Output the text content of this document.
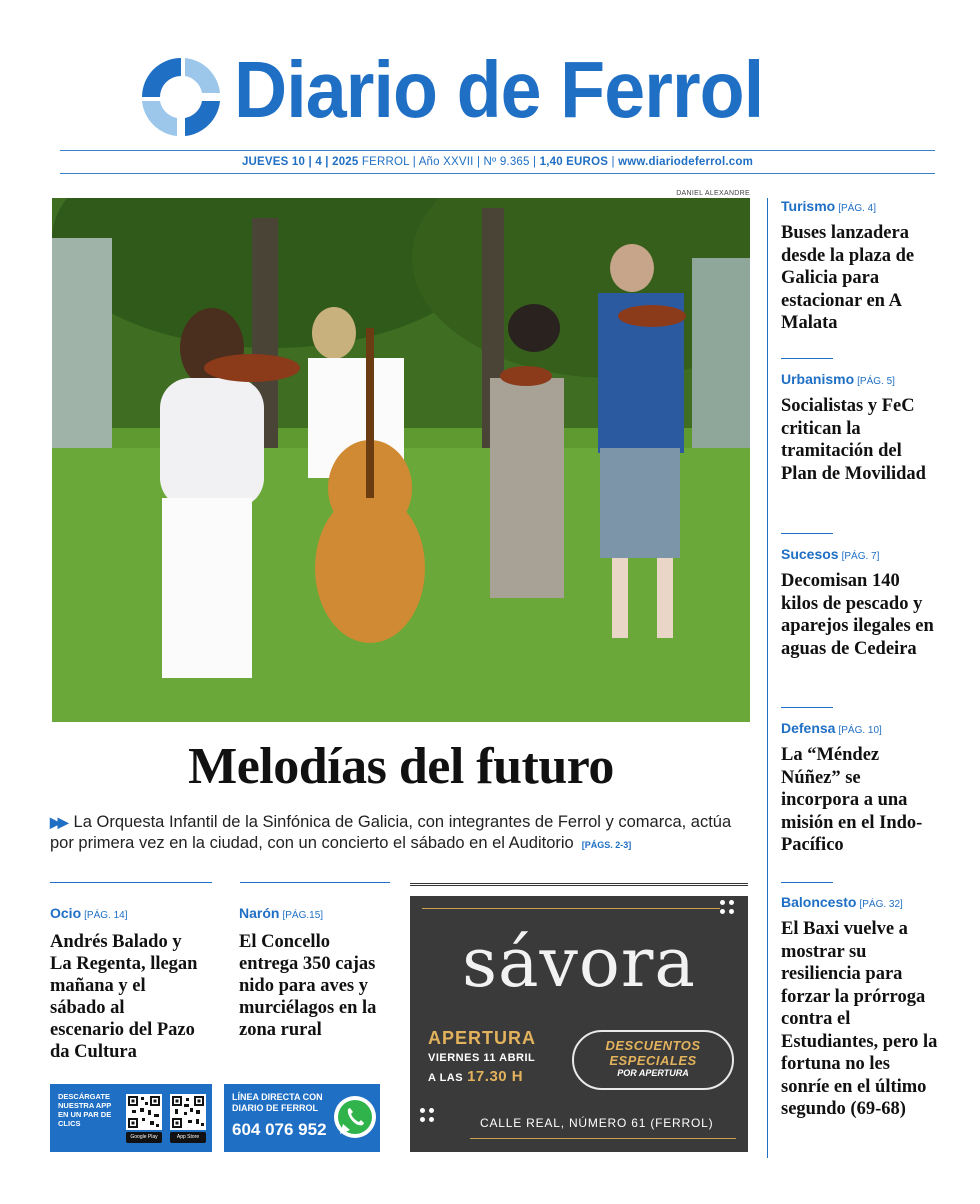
Diario de Ferrol
JUEVES 10 | 4 | 2025 FERROL | Año XXVII | Nº 9.365 | 1,40 EUROS | www.diariodeferrol.com
DANIEL ALEXANDRE
Melodías del futuro
▶▶ La Orquesta Infantil de la Sinfónica de Galicia, con integrantes de Ferrol y comarca, actúa por primera vez en la ciudad, con un concierto el sábado en el Auditorio [PÁGS. 2-3]
Turismo [PÁG. 4]
Buses lanzadera desde la plaza de Galicia para estacionar en A Malata
Urbanismo [PÁG. 5]
Socialistas y FeC critican la tramitación del Plan de Movilidad
Sucesos [PÁG. 7]
Decomisan 140 kilos de pescado y aparejos ilegales en aguas de Cedeira
Defensa [PÁG. 10]
La “Méndez Núñez” se incorpora a una misión en el Indo-Pacífico
Baloncesto [PÁG. 32]
El Baxi vuelve a mostrar su resiliencia para forzar la prórroga contra el Estudiantes, pero la fortuna no les sonríe en el último segundo (69-68)
Ocio [PÁG. 14]
Andrés Balado y La Regenta, llegan mañana y el sábado al escenario del Pazo da Cultura
Narón [PÁG.15]
El Concello entrega 350 cajas nido para aves y murciélagos en la zona rural
DESCÁRGATE NUESTRA APP EN UN PAR DE CLICS
Google Play	App Store
LÍNEA DIRECTA CON DIARIO DE FERROL
604 076 952
sávora
APERTURA
VIERNES 11 ABRIL
A LAS 17.30 H
DESCUENTOS
ESPECIALES
POR APERTURA
CALLE REAL, NÚMERO 61 (FERROL)
